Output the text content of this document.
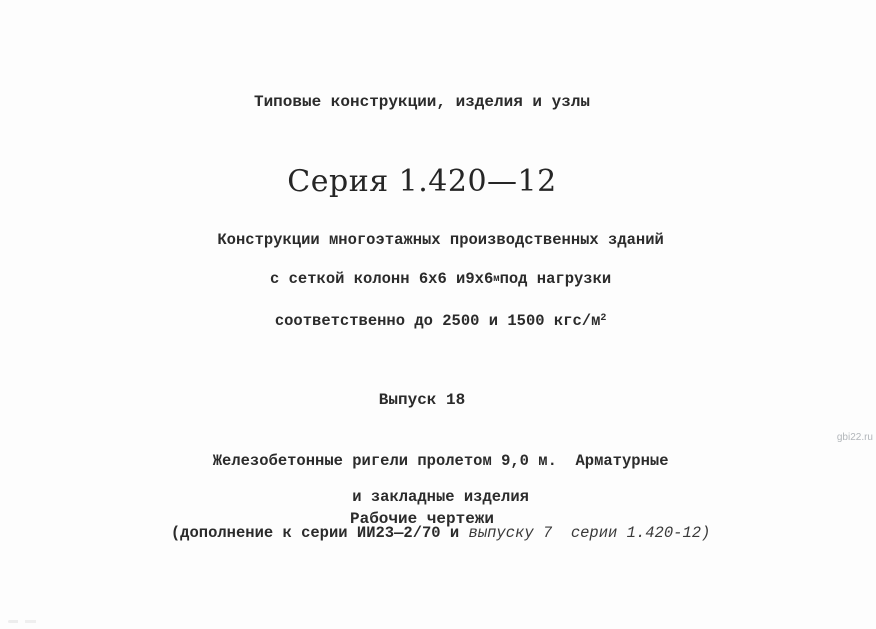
Типовые конструкции, изделия и узлы
Серия 1.420—12

Конструкции многоэтажных производственных зданий

с сеткой колонн 6х6 и9х6мпод нагрузки

соответственно до 2500 и 1500 кгс/$м^2$

Выпуск 18

Железобетонные ригели пролетом 9,0 м.  Арматурные

и закладные изделия

(дополнение к серии ИИ23—2/70 и выпуску 7  серии 1.420-12)

Рабочие чертежи
gbi22.ru
